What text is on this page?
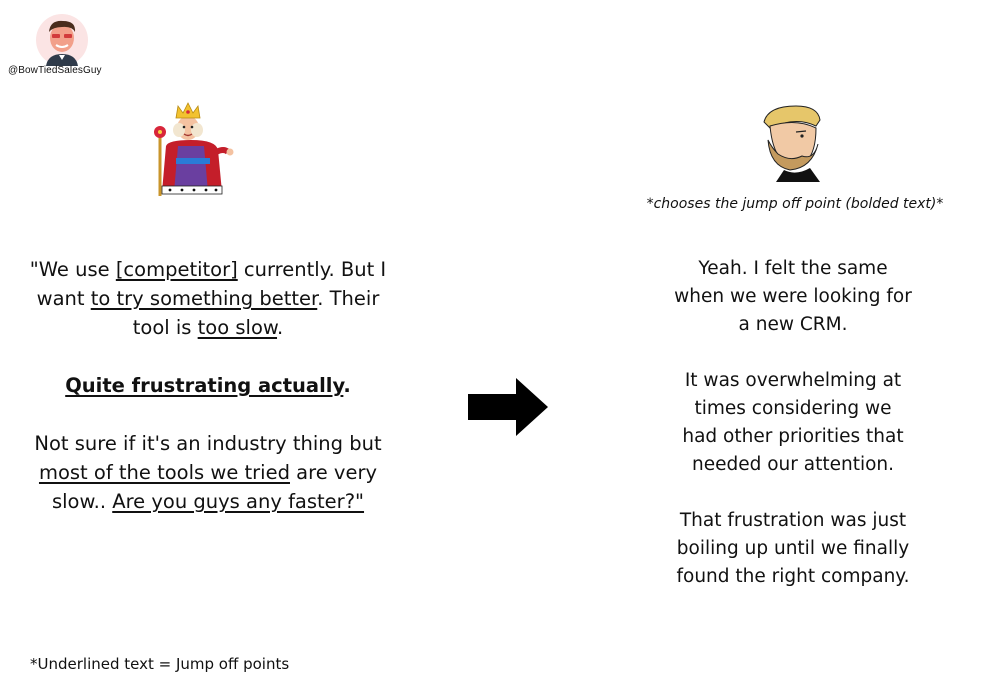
@BowTiedSalesGuy
*chooses the jump off point (bolded text)*

"We use [competitor] currently. But I
want to try something better. Their
tool is too slow.

Quite frustrating actually.

Not sure if it's an industry thing but
most of the tools we tried are very
slow.. Are you guys any faster?"

Yeah. I felt the same
when we were looking for
a new CRM.

It was overwhelming at
times considering we
had other priorities that
needed our attention.

That frustration was just
boiling up until we finally
found the right company.

*Underlined text = Jump off points
